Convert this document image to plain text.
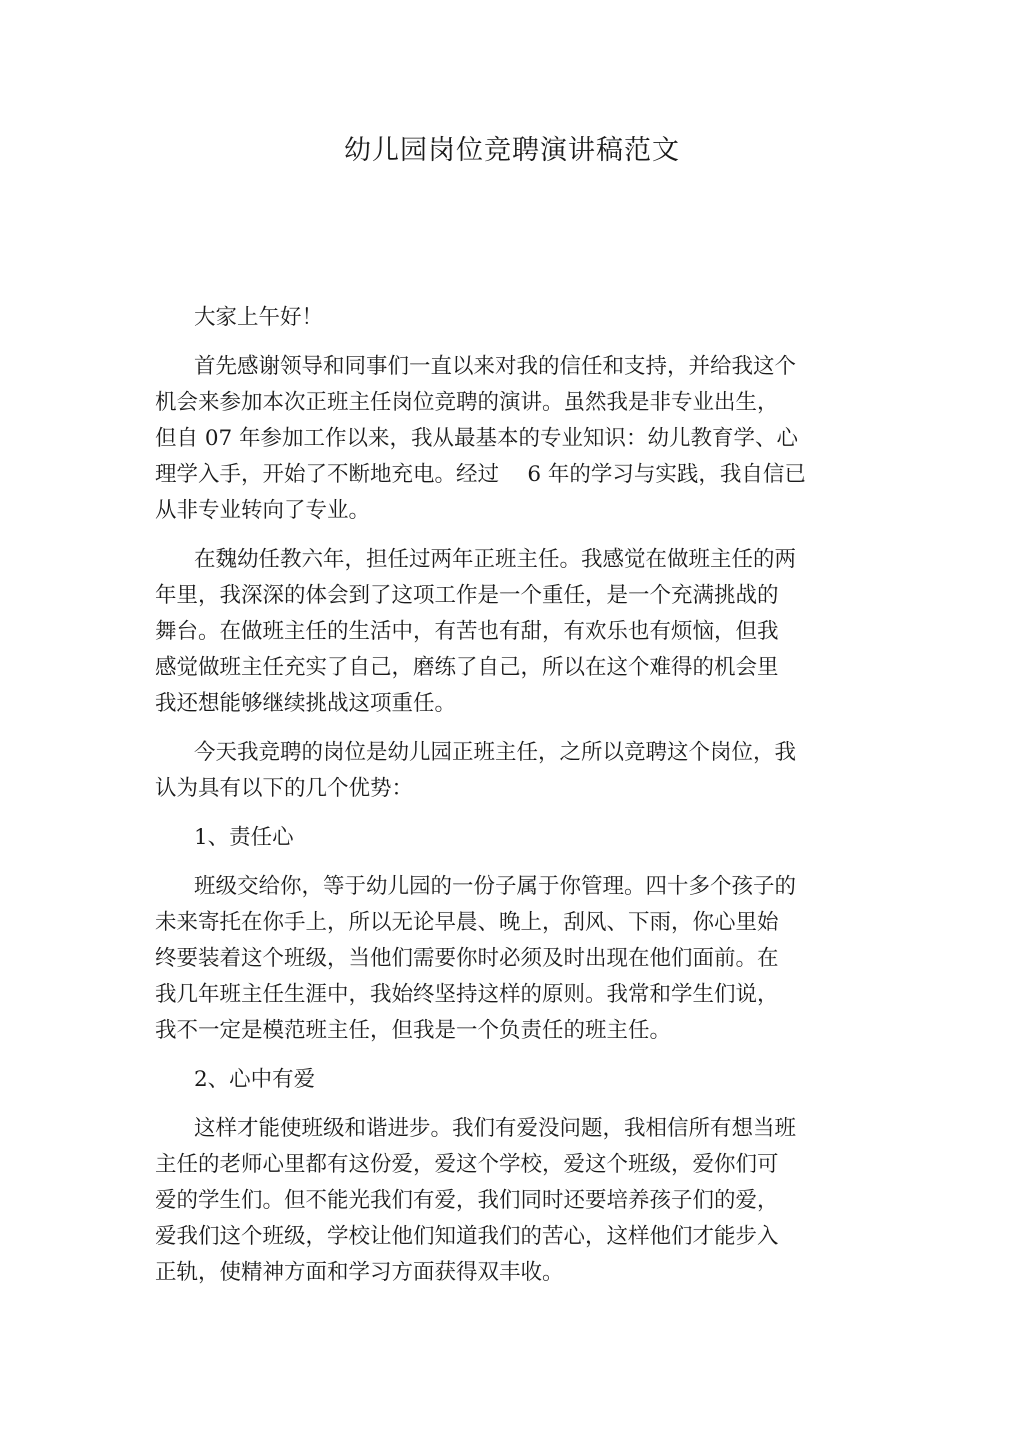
幼儿园岗位竞聘演讲稿范文

大家上午好！

首先感谢领导和同事们一直以来对我的信任和支持，并给我这个
机会来参加本次正班主任岗位竞聘的演讲。虽然我是非专业出生，
但自 07 年参加工作以来，我从最基本的专业知识：幼儿教育学、心
理学入手，开始了不断地充电。经过　 6 年的学习与实践，我自信已
从非专业转向了专业。

在魏幼任教六年，担任过两年正班主任。我感觉在做班主任的两
年里，我深深的体会到了这项工作是一个重任，是一个充满挑战的
舞台。在做班主任的生活中，有苦也有甜，有欢乐也有烦恼，但我
感觉做班主任充实了自己，磨练了自己，所以在这个难得的机会里
我还想能够继续挑战这项重任。

今天我竞聘的岗位是幼儿园正班主任，之所以竞聘这个岗位，我
认为具有以下的几个优势：

1、责任心

班级交给你，等于幼儿园的一份子属于你管理。四十多个孩子的
未来寄托在你手上，所以无论早晨、晚上，刮风、下雨，你心里始
终要装着这个班级，当他们需要你时必须及时出现在他们面前。在
我几年班主任生涯中，我始终坚持这样的原则。我常和学生们说，
我不一定是模范班主任，但我是一个负责任的班主任。

2、心中有爱

这样才能使班级和谐进步。我们有爱没问题，我相信所有想当班
主任的老师心里都有这份爱，爱这个学校，爱这个班级，爱你们可
爱的学生们。但不能光我们有爱，我们同时还要培养孩子们的爱，
爱我们这个班级，学校让他们知道我们的苦心，这样他们才能步入
正轨，使精神方面和学习方面获得双丰收。
